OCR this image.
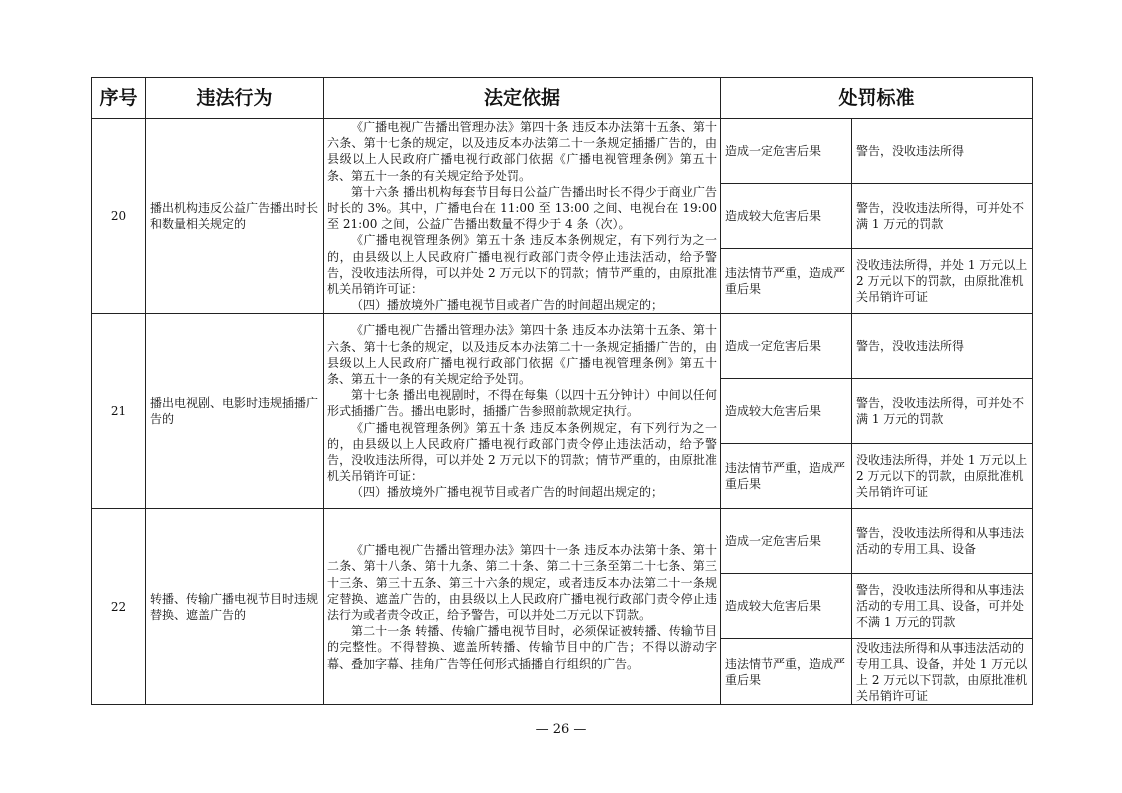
序号	违法行为	法定依据	处罚标准	
20	播出机构违反公益广告播出时长和数量相关规定的	《广播电视广告播出管理办法》第四十条 违反本办法第十五条、第十六条、第十七条的规定，以及违反本办法第二十一条规定插播广告的，由县级以上人民政府广播电视行政部门依据《广播电视管理条例》第五十条、第五十一条的有关规定给予处罚。

第十六条 播出机构每套节目每日公益广告播出时长不得少于商业广告时长的 3%。其中，广播电台在 11:00 至 13:00 之间、电视台在 19:00 至 21:00 之间，公益广告播出数量不得少于 4 条（次）。

《广播电视管理条例》第五十条 违反本条例规定，有下列行为之一的，由县级以上人民政府广播电视行政部门责令停止违法活动，给予警告，没收违法所得，可以并处 2 万元以下的罚款；情节严重的，由原批准机关吊销许可证：

（四）播放境外广播电视节目或者广告的时间超出规定的；	造成一定危害后果	警告，没收违法所得
			造成较大危害后果	警告，没收违法所得，可并处不满 1 万元的罚款
			违法情节严重，造成严重后果	没收违法所得，并处 1 万元以上 2 万元以下的罚款，由原批准机关吊销许可证
21	播出电视剧、电影时违规插播广告的	《广播电视广告播出管理办法》第四十条 违反本办法第十五条、第十六条、第十七条的规定，以及违反本办法第二十一条规定插播广告的，由县级以上人民政府广播电视行政部门依据《广播电视管理条例》第五十条、第五十一条的有关规定给予处罚。

第十七条 播出电视剧时，不得在每集（以四十五分钟计）中间以任何形式插播广告。播出电影时，插播广告参照前款规定执行。

《广播电视管理条例》第五十条 违反本条例规定，有下列行为之一的，由县级以上人民政府广播电视行政部门责令停止违法活动，给予警告，没收违法所得，可以并处 2 万元以下的罚款；情节严重的，由原批准机关吊销许可证：

（四）播放境外广播电视节目或者广告的时间超出规定的；	造成一定危害后果	警告，没收违法所得
			造成较大危害后果	警告，没收违法所得，可并处不满 1 万元的罚款
			违法情节严重，造成严重后果	没收违法所得，并处 1 万元以上 2 万元以下的罚款，由原批准机关吊销许可证
22	转播、传输广播电视节目时违规替换、遮盖广告的	《广播电视广告播出管理办法》第四十一条 违反本办法第十条、第十二条、第十八条、第十九条、第二十条、第二十三条至第二十七条、第三十三条、第三十五条、第三十六条的规定，或者违反本办法第二十一条规定替换、遮盖广告的，由县级以上人民政府广播电视行政部门责令停止违法行为或者责令改正，给予警告，可以并处二万元以下罚款。

第二十一条 转播、传输广播电视节目时，必须保证被转播、传输节目的完整性。不得替换、遮盖所转播、传输节目中的广告；不得以游动字幕、叠加字幕、挂角广告等任何形式插播自行组织的广告。	造成一定危害后果	警告，没收违法所得和从事违法活动的专用工具、设备
			造成较大危害后果	警告，没收违法所得和从事违法活动的专用工具、设备，可并处不满 1 万元的罚款
			违法情节严重，造成严重后果	没收违法所得和从事违法活动的专用工具、设备，并处 1 万元以上 2 万元以下罚款，由原批准机关吊销许可证
— 26 —
